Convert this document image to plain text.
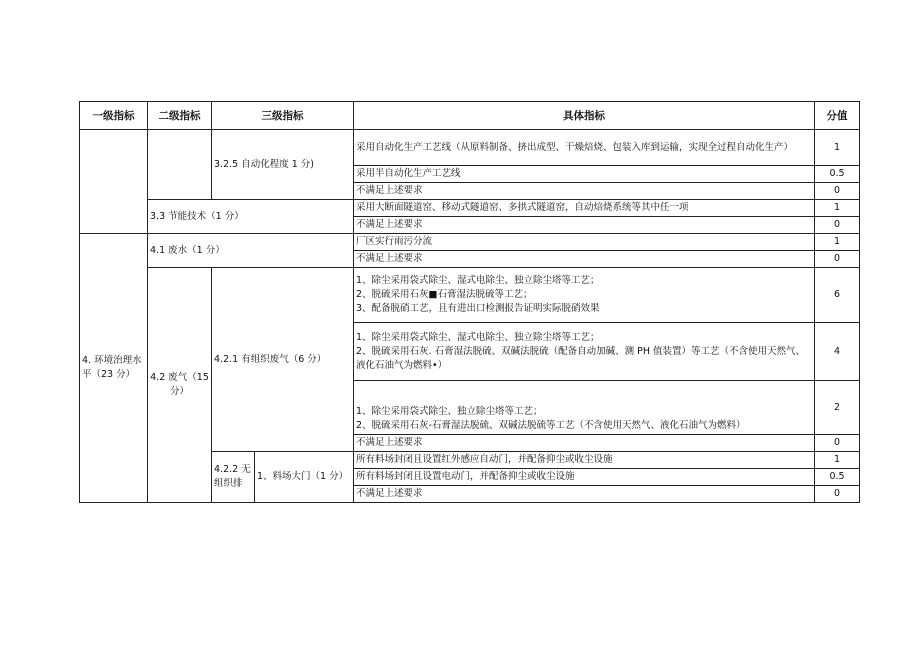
一级指标	二级指标	三级指标		具体指标	分值
		3.2.5 自动化程度 1 分)		采用自动化生产工艺线（从原料制备、挤出成型、干燥焙烧、包装入库到运输，实现全过程自动化生产）	1
				采用半自动化生产工艺线	0.5
				不满足上述要求	0
	3.3 节能技术（1 分）			采用大断面隧道窑、移动式隧道窑、多拱式隧道窑，自动焙烧系统等其中任一项	1
				不满足上述要求	0
4. 环境治理水平（23 分）	4.1 废水（1 分）			厂区实行雨污分流	1
				不满足上述要求	0
	4.2 废气（15 分）	4.2.1 有组织废气（6 分）		1、除尘采用袋式除尘、湿式电除尘、独立除尘塔等工艺；
2、脱硫采用石灰■石膏湿法脱硫等工艺；
3、配备脱硝工艺，且有进出口检测报告证明实际脱硝效果	6

				1、除尘采用袋式除尘、湿式电除尘、独立除尘塔等工艺；
2、脱硫采用石灰. 石膏湿法脱硫、双碱法脱硫（配备自动加碱、测 PH 值装置）等工艺（不含使用天然气、液化石油气为燃料•）	4

				1、除尘采用袋式除尘、独立除尘塔等工艺；
2、脱硫采用石灰-石膏湿法脱硫、双碱法脱硫等工艺（不含使用天然气、液化石油气为燃料）	2
				不满足上述要求	0
		4.2.2 无组织排	1、料场大门（1 分）	所有料场封闭且设置红外感应自动门，并配备抑尘或收尘设施	1
				所有料场封闭且设置电动门，并配备抑尘或收尘设施	0.5
				不满足上述要求	0
